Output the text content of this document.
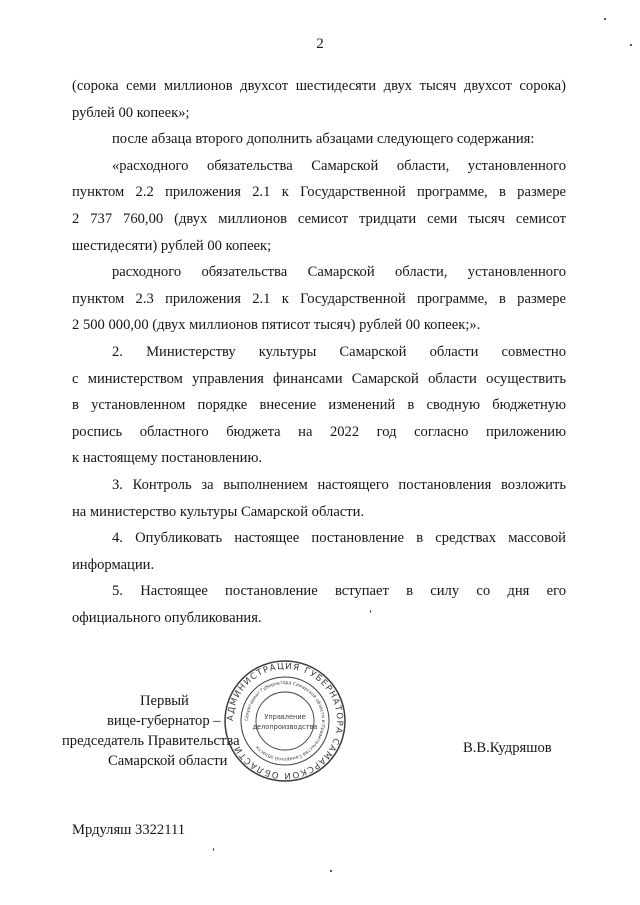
2
(сорока семи миллионов двухсот шестидесяти двух тысяч двухсот сорока)
рублей 00 копеек»;
после абзаца второго дополнить абзацами следующего содержания:
«расходного обязательства Самарской области, установленного
пунктом 2.2 приложения 2.1 к Государственной программе, в размере
2 737 760,00 (двух миллионов семисот тридцати семи тысяч семисот
шестидесяти) рублей 00 копеек;
расходного обязательства Самарской области, установленного
пунктом 2.3 приложения 2.1 к Государственной программе, в размере
2 500 000,00 (двух миллионов пятисот тысяч) рублей 00 копеек;».
2. Министерству культуры Самарской области совместно
с министерством управления финансами Самарской области осуществить
в установленном порядке внесение изменений в сводную бюджетную
роспись областного бюджета на 2022 год согласно приложению
к настоящему постановлению.
3. Контроль за выполнением настоящего постановления возложить
на министерство культуры Самарской области.
4. Опубликовать настоящее постановление в средствах массовой
информации.
5. Настоящее постановление вступает в силу со дня его
официального опубликования.
Первый
вице-губернатор –
председатель Правительства
Самарской области
В.В.Кудряшов
АДМИНИСТРАЦИЯ ГУБЕРНАТОРА САМАРСКОЙ ОБЛАСТИ
Секретариат Губернатора Самарской области и Правительства Самарской области
Управление
делопроизводства
Мрдуляш 3322111
